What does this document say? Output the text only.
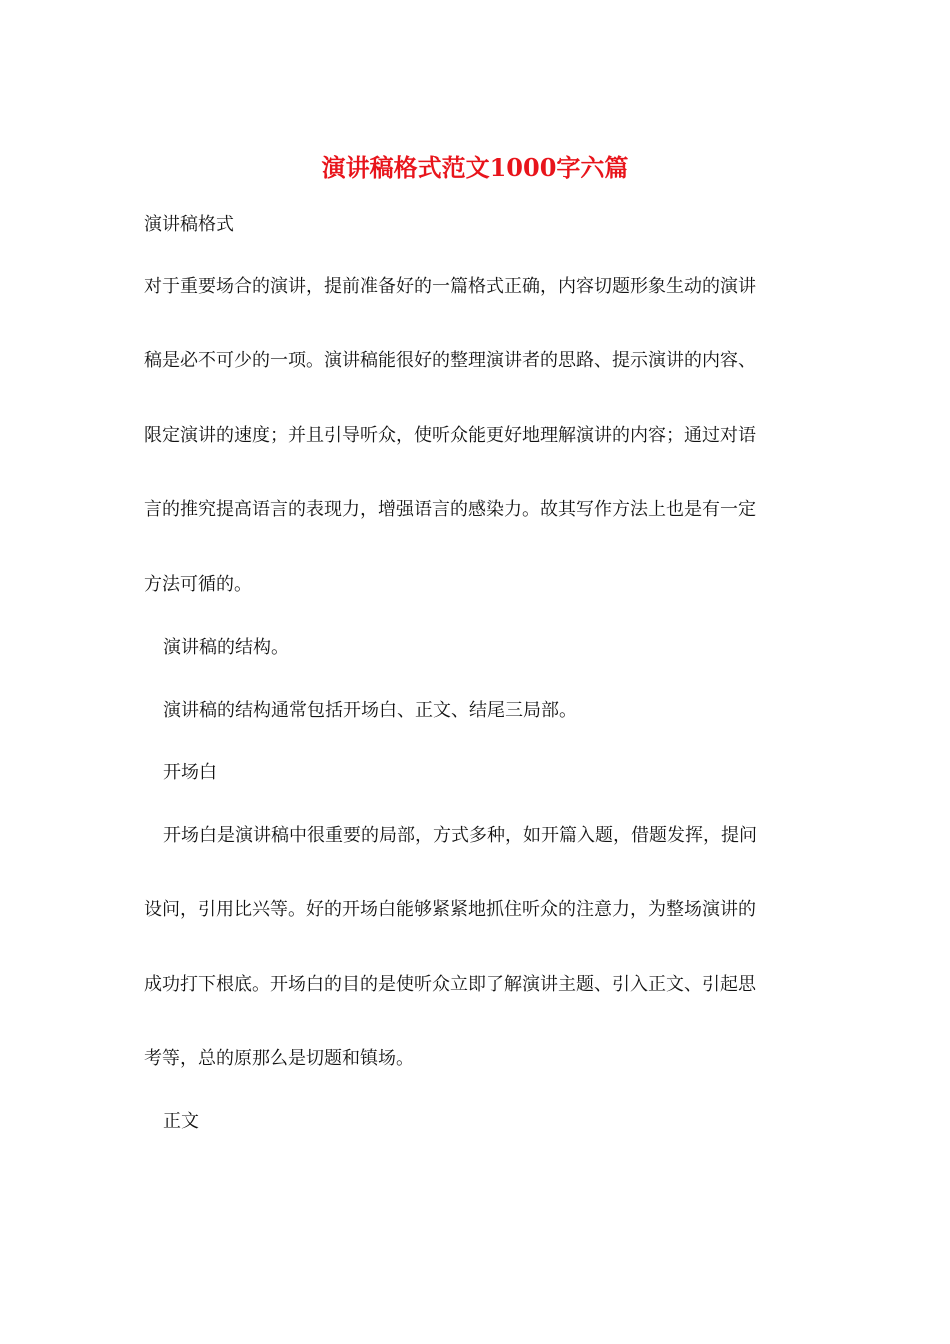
演讲稿格式范文1000字六篇

演讲稿格式

对于重要场合的演讲，提前准备好的一篇格式正确，内容切题形象生动的演讲

稿是必不可少的一项。演讲稿能很好的整理演讲者的思路、提示演讲的内容、

限定演讲的速度；并且引导听众，使听众能更好地理解演讲的内容；通过对语

言的推究提高语言的表现力，增强语言的感染力。故其写作方法上也是有一定

方法可循的。

演讲稿的结构。

演讲稿的结构通常包括开场白、正文、结尾三局部。

开场白

开场白是演讲稿中很重要的局部，方式多种，如开篇入题，借题发挥，提问

设问，引用比兴等。好的开场白能够紧紧地抓住听众的注意力，为整场演讲的

成功打下根底。开场白的目的是使听众立即了解演讲主题、引入正文、引起思

考等，总的原那么是切题和镇场。

正文
